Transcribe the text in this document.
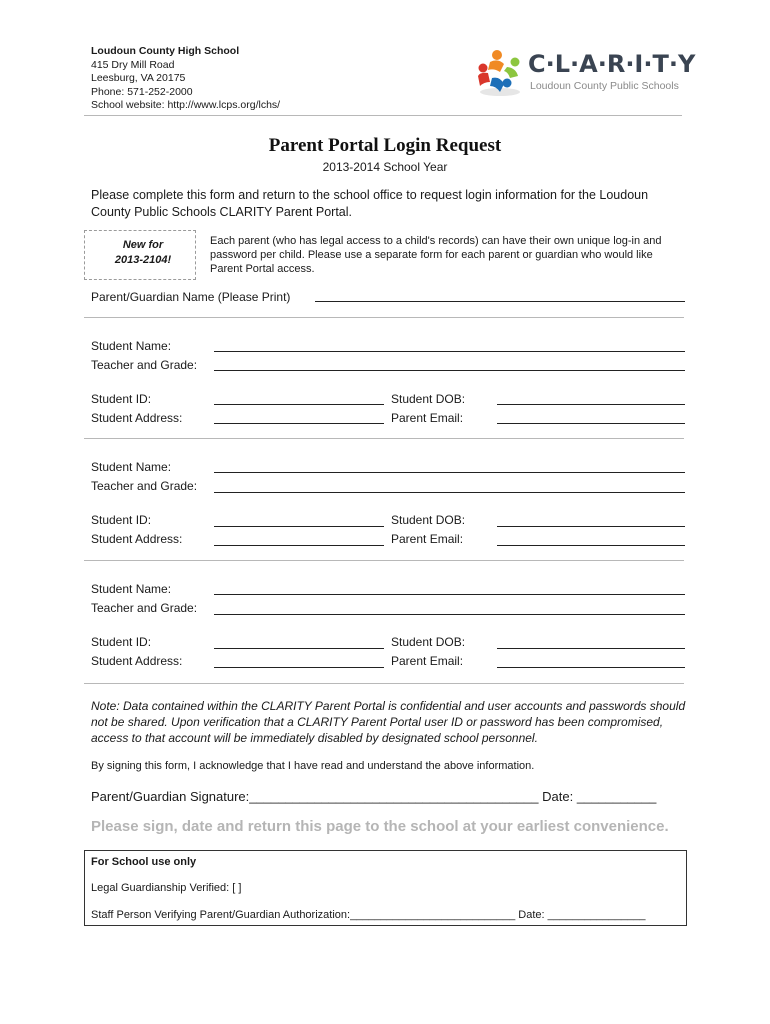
Loudoun County High School
415 Dry Mill Road
Leesburg, VA 20175
Phone: 571-252-2000
School website: http://www.lcps.org/lchs/
C·L·A·R·I·T·Y
Loudoun County Public Schools
Parent Portal Login Request
2013-2014 School Year
Please complete this form and return to the school office to request login information for the Loudoun County Public Schools CLARITY Parent Portal.
New for
2013-2104!
Each parent (who has legal access to a child's records) can have their own unique log-in and password per child. Please use a separate form for each parent or guardian who would like Parent Portal access.
Parent/Guardian Name (Please Print)
Student Name:
Teacher and Grade:
Student ID:	Student DOB:
Student Address:	Parent Email:
Student Name:
Teacher and Grade:
Student ID:	Student DOB:
Student Address:	Parent Email:
Student Name:
Teacher and Grade:
Student ID:	Student DOB:
Student Address:	Parent Email:
Note: Data contained within the CLARITY Parent Portal is confidential and user accounts and passwords should not be shared. Upon verification that a CLARITY Parent Portal user ID or password has been compromised, access to that account will be immediately disabled by designated school personnel.
By signing this form, I acknowledge that I have read and understand the above information.
Parent/Guardian Signature:________________________________________ Date: ___________
Please sign, date and return this page to the school at your earliest convenience.
For School use only
Legal Guardianship Verified: [ ]
Staff Person Verifying Parent/Guardian Authorization:___________________________ Date: ________________
